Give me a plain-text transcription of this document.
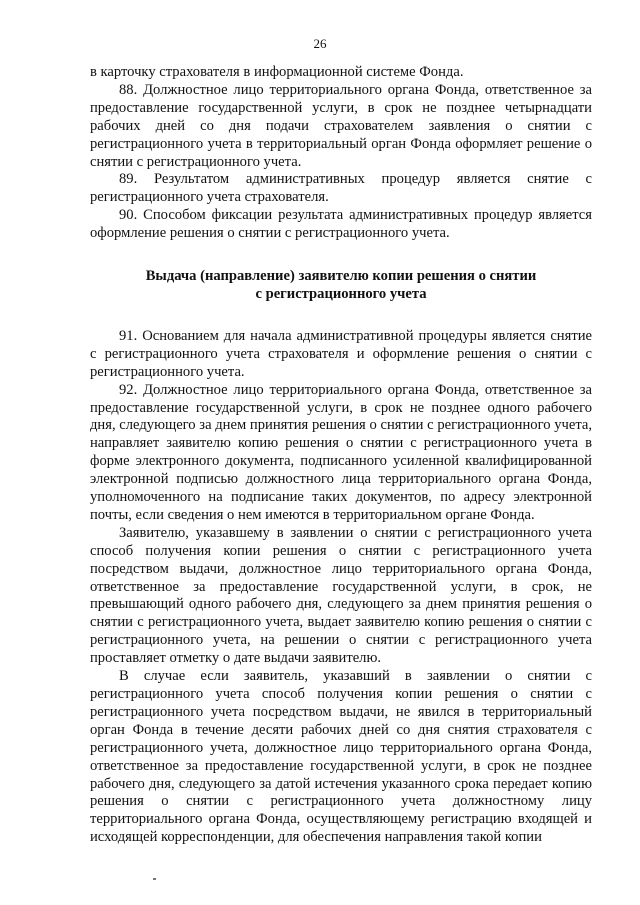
26

в карточку страхователя в информационной системе Фонда.

88. Должностное лицо территориального органа Фонда, ответственное за предоставление государственной услуги, в срок не позднее четырнадцати рабочих дней со дня подачи страхователем заявления о снятии с регистрационного учета в территориальный орган Фонда оформляет решение о снятии с регистрационного учета.

89. Результатом административных процедур является снятие с регистрационного учета страхователя.

90. Способом фиксации результата административных процедур является оформление решения о снятии с регистрационного учета.

Выдача (направление) заявителю копии решения о снятии
с регистрационного учета

91. Основанием для начала административной процедуры является снятие с регистрационного учета страхователя и оформление решения о снятии с регистрационного учета.

92. Должностное лицо территориального органа Фонда, ответственное за предоставление государственной услуги, в срок не позднее одного рабочего дня, следующего за днем принятия решения о снятии с регистрационного учета, направляет заявителю копию решения о снятии с регистрационного учета в форме электронного документа, подписанного усиленной квалифицированной электронной подписью должностного лица территориального органа Фонда, уполномоченного на подписание таких документов, по адресу электронной почты, если сведения о нем имеются в территориальном органе Фонда.

Заявителю, указавшему в заявлении о снятии с регистрационного учета способ получения копии решения о снятии с регистрационного учета посредством выдачи, должностное лицо территориального органа Фонда, ответственное за предоставление государственной услуги, в срок, не превышающий одного рабочего дня, следующего за днем принятия решения о снятии с регистрационного учета, выдает заявителю копию решения о снятии с регистрационного учета, на решении о снятии с регистрационного учета проставляет отметку о дате выдачи заявителю.

В случае если заявитель, указавший в заявлении о снятии с регистрационного учета способ получения копии решения о снятии с регистрационного учета посредством выдачи, не явился в территориальный орган Фонда в течение десяти рабочих дней со дня снятия страхователя с регистрационного учета, должностное лицо территориального органа Фонда, ответственное за предоставление государственной услуги, в срок не позднее рабочего дня, следующего за датой истечения указанного срока передает копию решения о снятии с регистрационного учета должностному лицу территориального органа Фонда, осуществляющему регистрацию входящей и исходящей корреспонденции, для обеспечения направления такой копии
